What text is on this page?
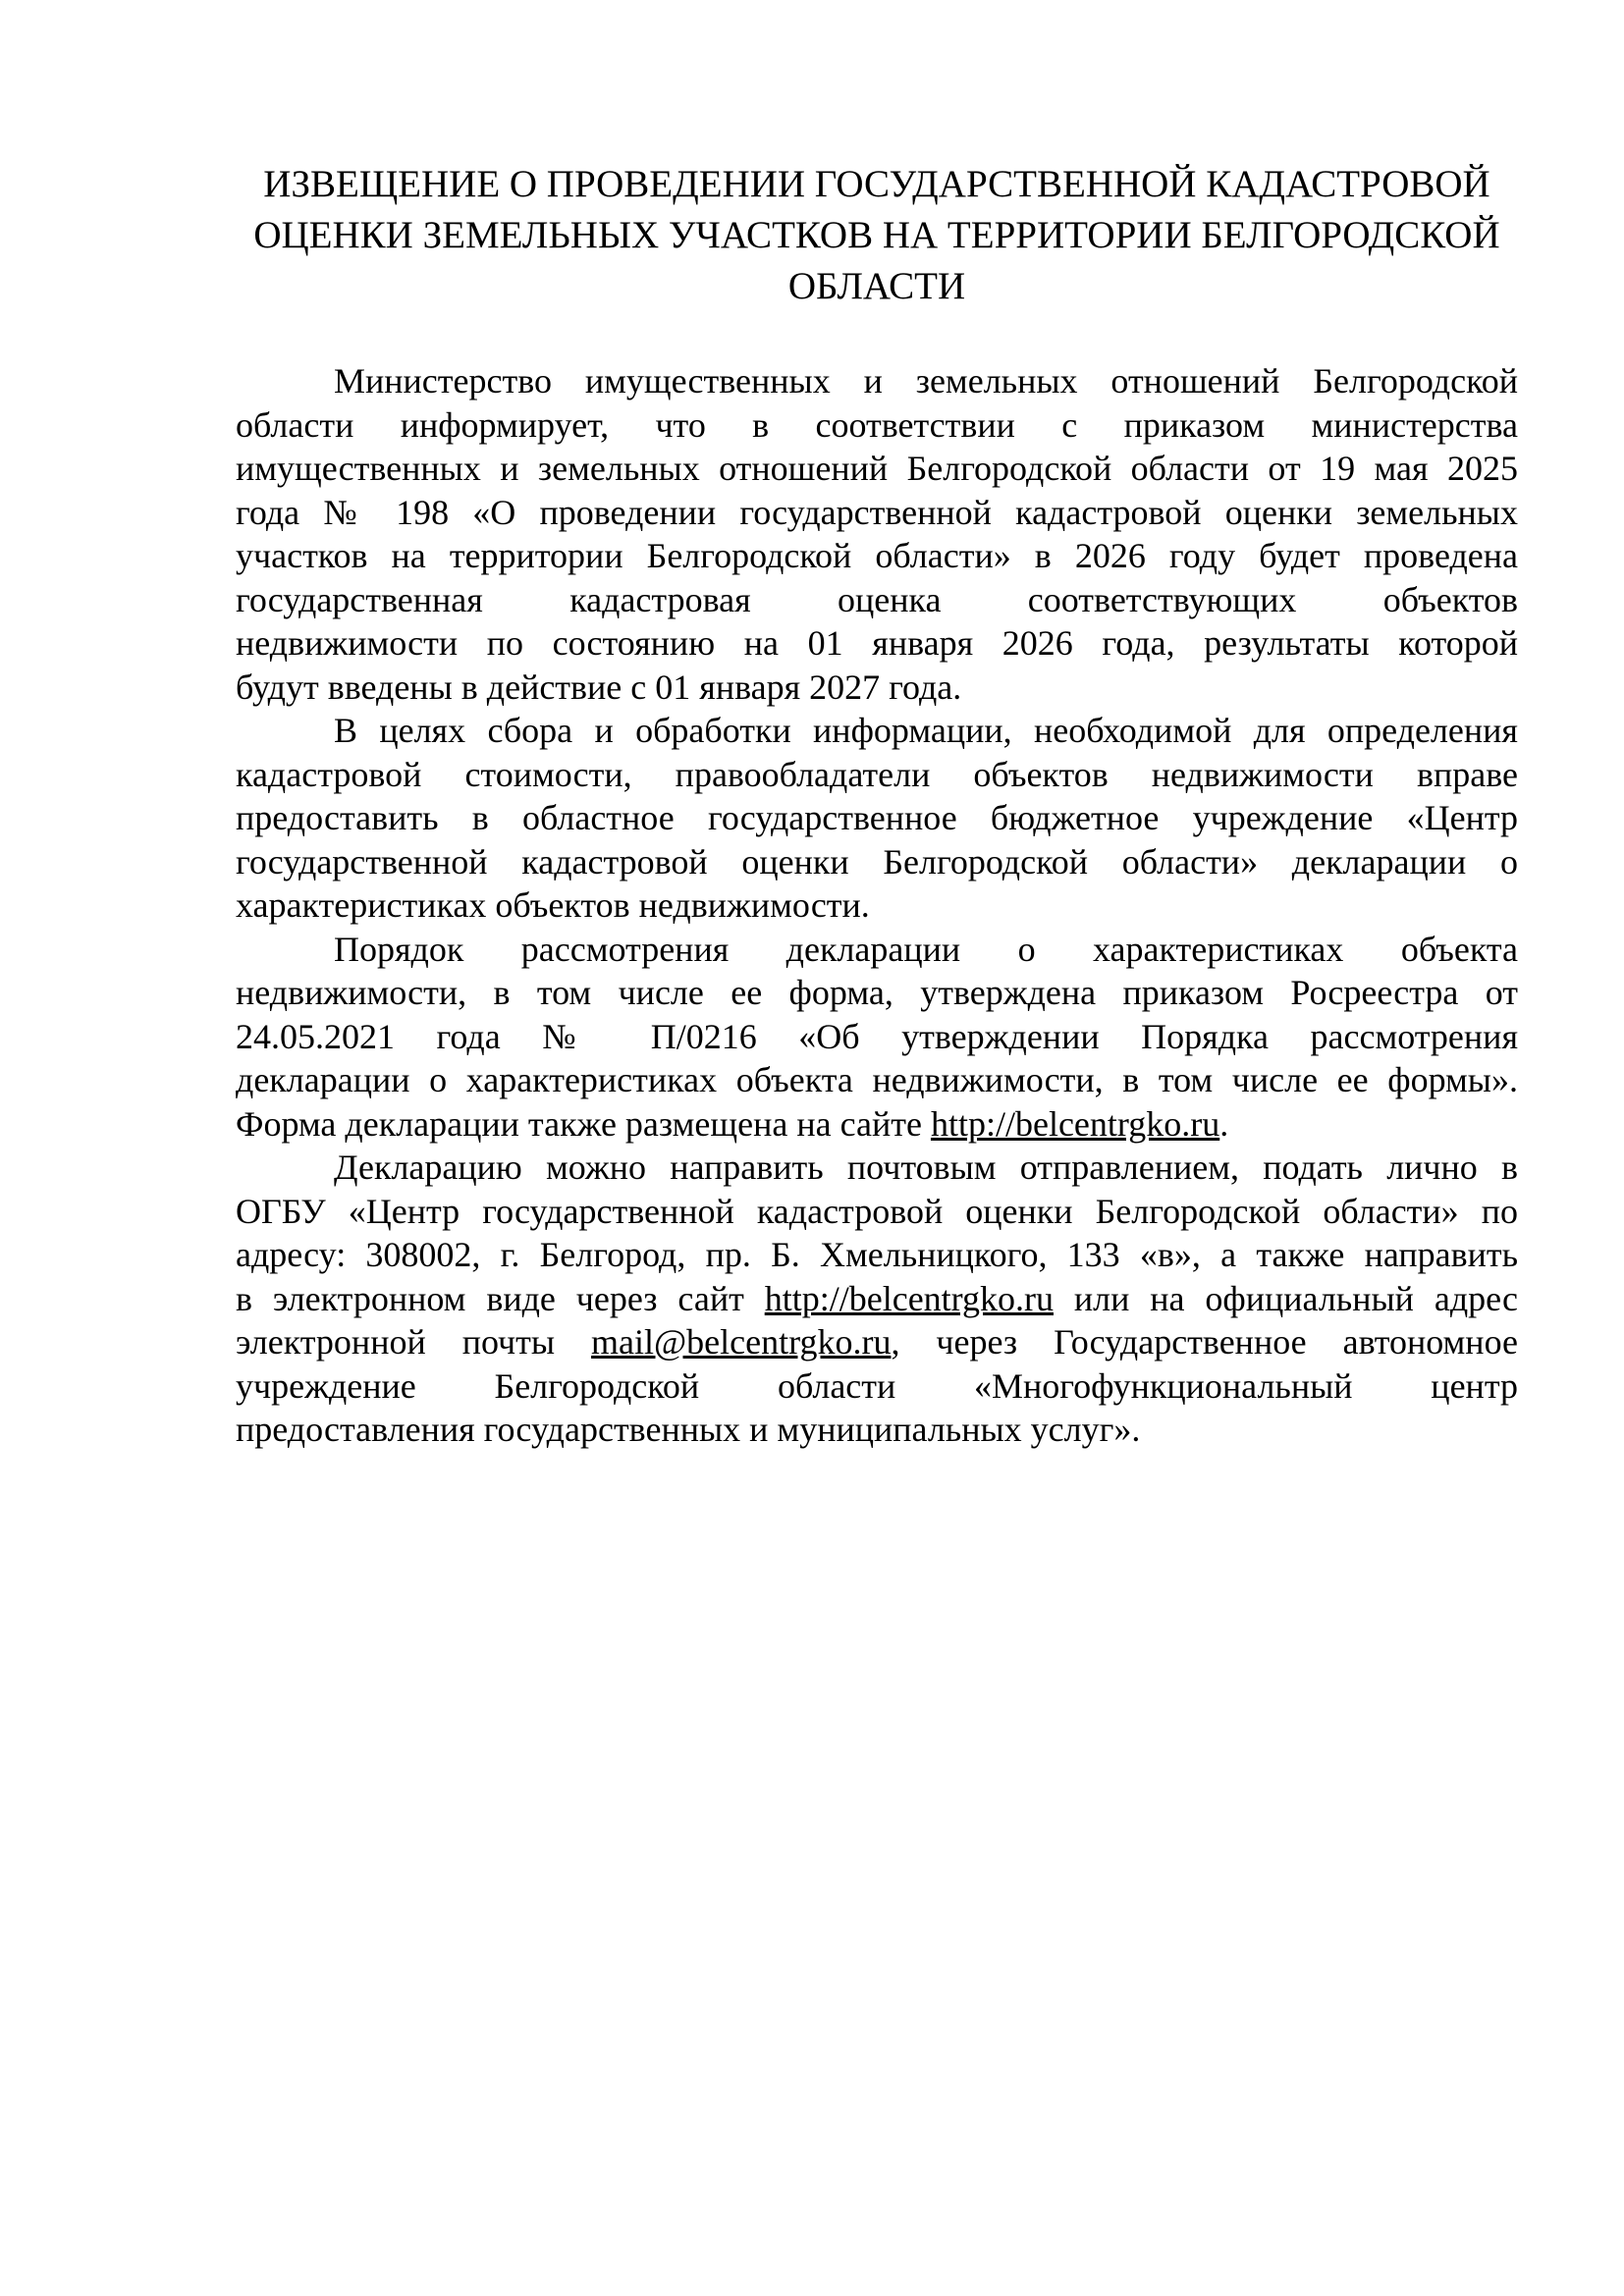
ИЗВЕЩЕНИЕ О ПРОВЕДЕНИИ ГОСУДАРСТВЕННОЙ КАДАСТРОВОЙ
ОЦЕНКИ ЗЕМЕЛЬНЫХ УЧАСТКОВ НА ТЕРРИТОРИИ БЕЛГОРОДСКОЙ
ОБЛАСТИ

Министерство имущественных и земельных отношений Белгородской
области информирует, что в соответствии с приказом министерства
имущественных и земельных отношений Белгородской области от 19 мая 2025
года № 198 «О проведении государственной кадастровой оценки земельных
участков на территории Белгородской области» в 2026 году будет проведена
государственная кадастровая оценка соответствующих объектов
недвижимости по состоянию на 01 января 2026 года, результаты которой
будут введены в действие с 01 января 2027 года.

В целях сбора и обработки информации, необходимой для определения
кадастровой стоимости, правообладатели объектов недвижимости вправе
предоставить в областное государственное бюджетное учреждение «Центр
государственной кадастровой оценки Белгородской области» декларации о
характеристиках объектов недвижимости.

Порядок рассмотрения декларации о характеристиках объекта
недвижимости, в том числе ее форма, утверждена приказом Росреестра от
24.05.2021 года № П/0216 «Об утверждении Порядка рассмотрения
декларации о характеристиках объекта недвижимости, в том числе ее формы».
Форма декларации также размещена на сайте http://belcentrgko.ru.

Декларацию можно направить почтовым отправлением, подать лично в
ОГБУ «Центр государственной кадастровой оценки Белгородской области» по
адресу: 308002, г. Белгород, пр. Б. Хмельницкого, 133 «в», а также направить
в электронном виде через сайт http://belcentrgko.ru или на официальный адрес
электронной почты mail@belcentrgko.ru, через Государственное автономное
учреждение Белгородской области «Многофункциональный центр
предоставления государственных и муниципальных услуг».
